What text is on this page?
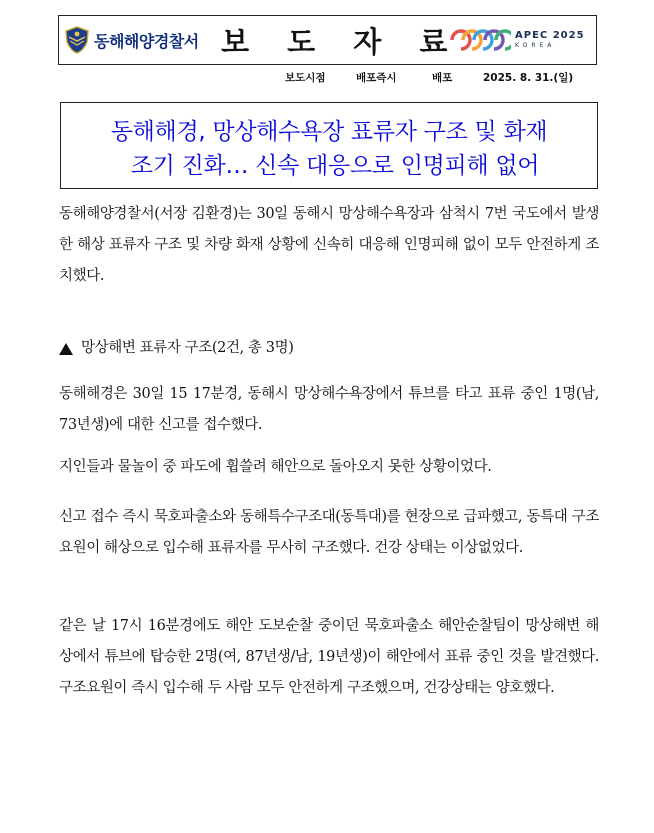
동해해양경찰서 보 도 자 료	APEC 2025
KOREA
보도시점	배포즉시	배포	2025. 8. 31.(일)
동해해경, 망상해수욕장 표류자 구조 및 화재
조기 진화… 신속 대응으로 인명피해 없어
동해해양경찰서(서장 김환경)는 30일 동해시 망상해수욕장과 삼척시 7번 국도에서 발생한 해상 표류자 구조 및 차량 화재 상황에 신속히 대응해 인명피해 없이 모두 안전하게 조치했다.
망상해변 표류자 구조(2건, 총 3명)
동해해경은 30일 15 17분경, 동해시 망상해수욕장에서 튜브를 타고 표류 중인 1명(남, 73년생)에 대한 신고를 접수했다.
지인들과 물놀이 중 파도에 휩쓸려 해안으로 돌아오지 못한 상황이었다.
신고 접수 즉시 묵호파출소와 동해특수구조대(동특대)를 현장으로 급파했고, 동특대 구조요원이 해상으로 입수해 표류자를 무사히 구조했다. 건강 상태는 이상없었다.
같은 날 17시 16분경에도 해안 도보순찰 중이던 묵호파출소 해안순찰팀이 망상해변 해상에서 튜브에 탑승한 2명(여, 87년생/남, 19년생)이 해안에서 표류 중인 것을 발견했다. 구조요원이 즉시 입수해 두 사람 모두 안전하게 구조했으며, 건강상태는 양호했다.
